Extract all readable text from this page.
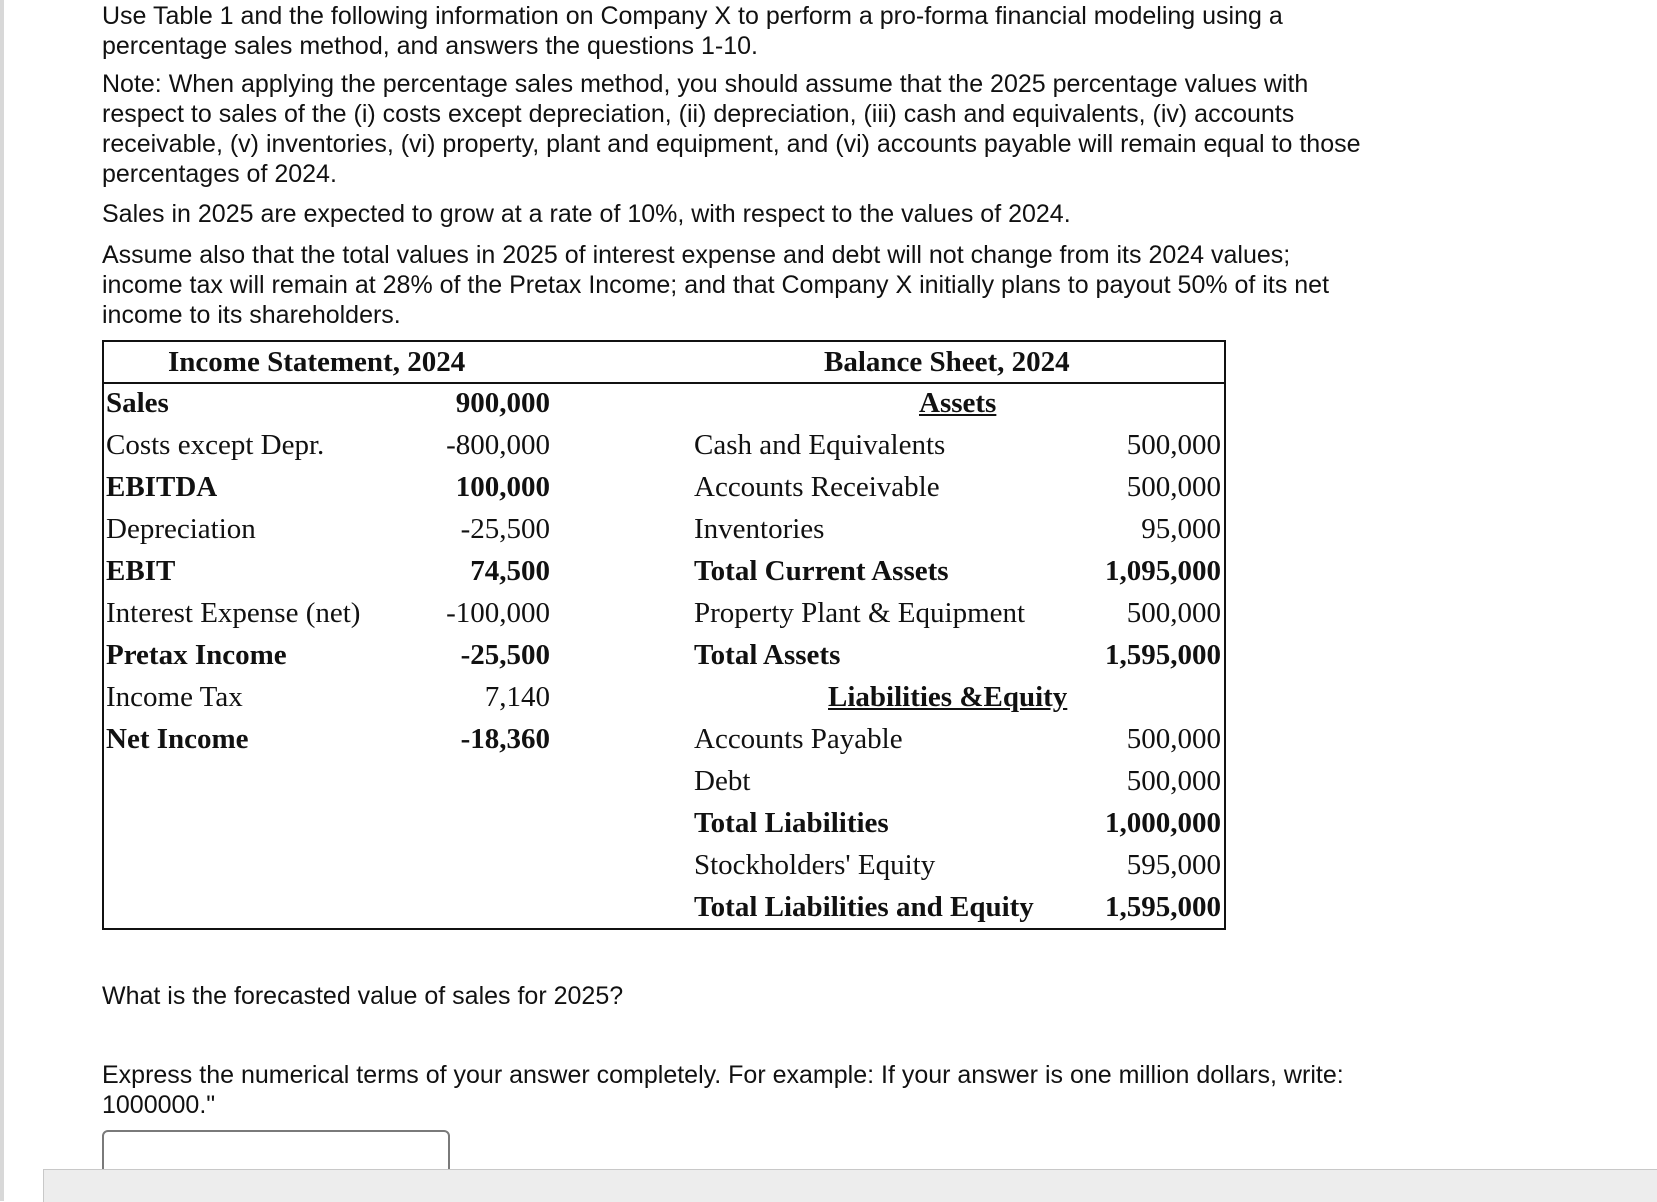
Use Table 1 and the following information on Company X to perform a pro-forma financial modeling using a percentage sales method, and answers the questions 1-10.

Note: When applying the percentage sales method, you should assume that the 2025 percentage values with respect to sales of the (i) costs except depreciation, (ii) depreciation, (iii) cash and equivalents, (iv) accounts receivable, (v) inventories, (vi) property, plant and equipment, and (vi) accounts payable will remain equal to those percentages of 2024.

Sales in 2025 are expected to grow at a rate of 10%, with respect to the values of 2024.

Assume also that the total values in 2025 of interest expense and debt will not change from its 2024 values; income tax will remain at 28% of the Pretax Income; and that Company X initially plans to payout 50% of its net income to its shareholders.

Income Statement, 2024	Balance Sheet, 2024
Sales	900,000
Costs except Depr.	-800,000
EBITDA	100,000
Depreciation	-25,500
EBIT	74,500
Interest Expense (net)	-100,000
Pretax Income	-25,500
Income Tax	7,140
Net Income	-18,360
Assets
Cash and Equivalents	500,000
Accounts Receivable	500,000
Inventories	95,000
Total Current Assets	1,095,000
Property Plant & Equipment	500,000
Total Assets	1,595,000
Liabilities &Equity
Accounts Payable	500,000
Debt	500,000
Total Liabilities	1,000,000
Stockholders' Equity	595,000
Total Liabilities and Equity 1,595,000

What is the forecasted value of sales for 2025?

Express the numerical terms of your answer completely. For example: If your answer is one million dollars, write: 1000000."
